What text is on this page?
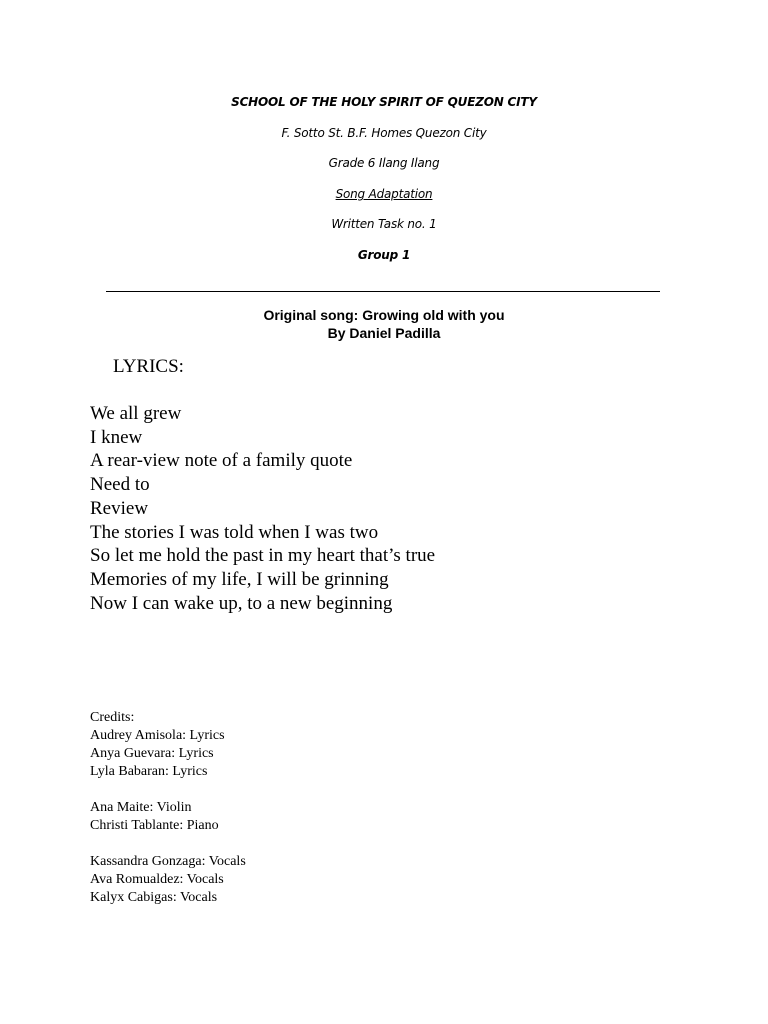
SCHOOL OF THE HOLY SPIRIT OF QUEZON CITY
F. Sotto St. B.F. Homes Quezon City
Grade 6 Ilang Ilang
Song Adaptation
Written Task no. 1
Group 1
Original song: Growing old with you
By Daniel Padilla
LYRICS:
We all grew
I knew
A rear-view note of a family quote
Need to
Review
The stories I was told when I was two
So let me hold the past in my heart that’s true
Memories of my life, I will be grinning
Now I can wake up, to a new beginning
Credits:
Audrey Amisola: Lyrics
Anya Guevara: Lyrics
Lyla Babaran: Lyrics
Ana Maite: Violin
Christi Tablante: Piano
Kassandra Gonzaga: Vocals
Ava Romualdez: Vocals
Kalyx Cabigas: Vocals
